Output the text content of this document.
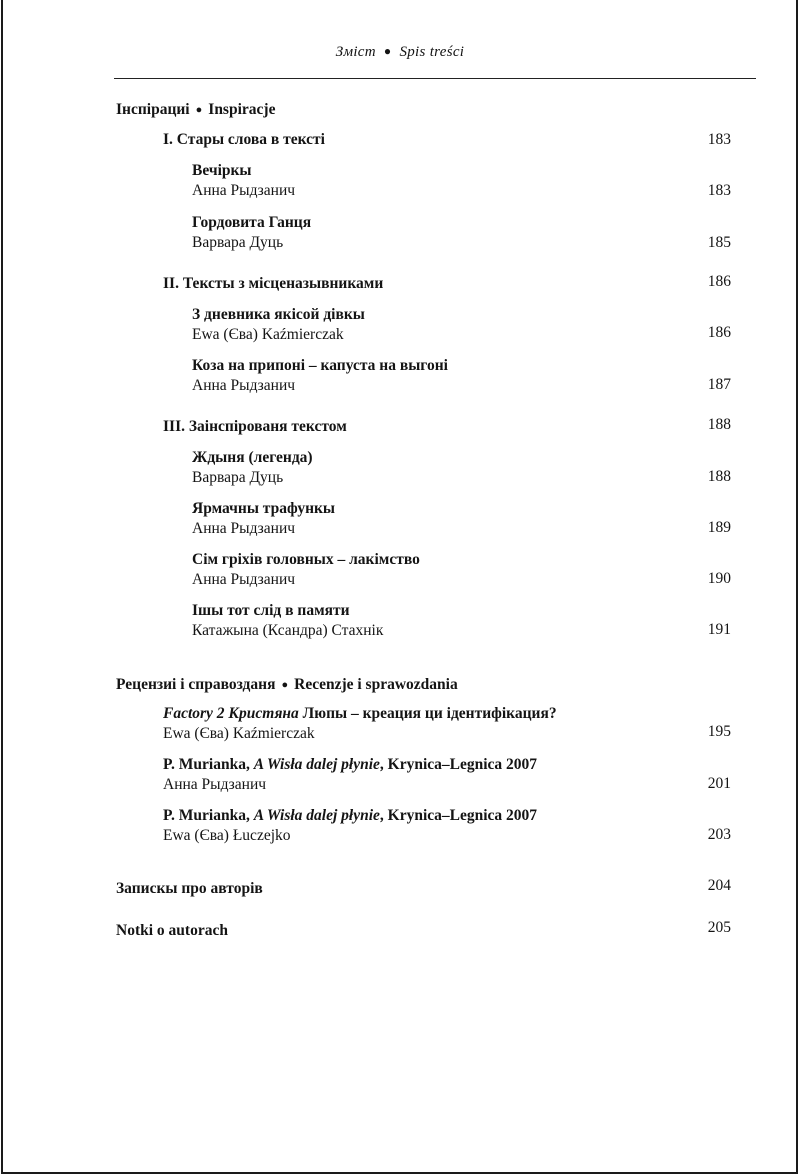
Зміст ● Spis treści
Інспірациі ● Inspiracje
І. Стары слова в тексті	183
Вечіркы
Анна Рыдзанич	183
Гордовита Ганця
Варвара Дуць	185
ІІ. Тексты з місценазывниками	186
З дневника якісой дівкы
Ewa (Єва) Kaźmierczak	186
Коза на припоні – капуста на выгоні
Анна Рыдзанич	187
ІІІ. Заінспірованя текстом	188
Ждыня (легенда)
Варвара Дуць	188
Ярмачны трафункы
Анна Рыдзанич	189
Сім гріхів головных – лакімство
Анна Рыдзанич	190
Ішы тот слід в памяти
Катажына (Ксандра) Стахнік	191
Рецензиі і справозданя ● Recenzje i sprawozdania
Factory 2 Кристяна Люпы – креация ци ідентифікация?
Ewa (Єва) Kaźmierczak	195
P. Murianka, A Wisła dalej płynie, Krynica–Legnica 2007
Анна Рыдзанич	201
P. Murianka, A Wisła dalej płynie, Krynica–Legnica 2007
Ewa (Єва) Łuczejko	203
Запискы про авторів	204
Notki o autorach	205
